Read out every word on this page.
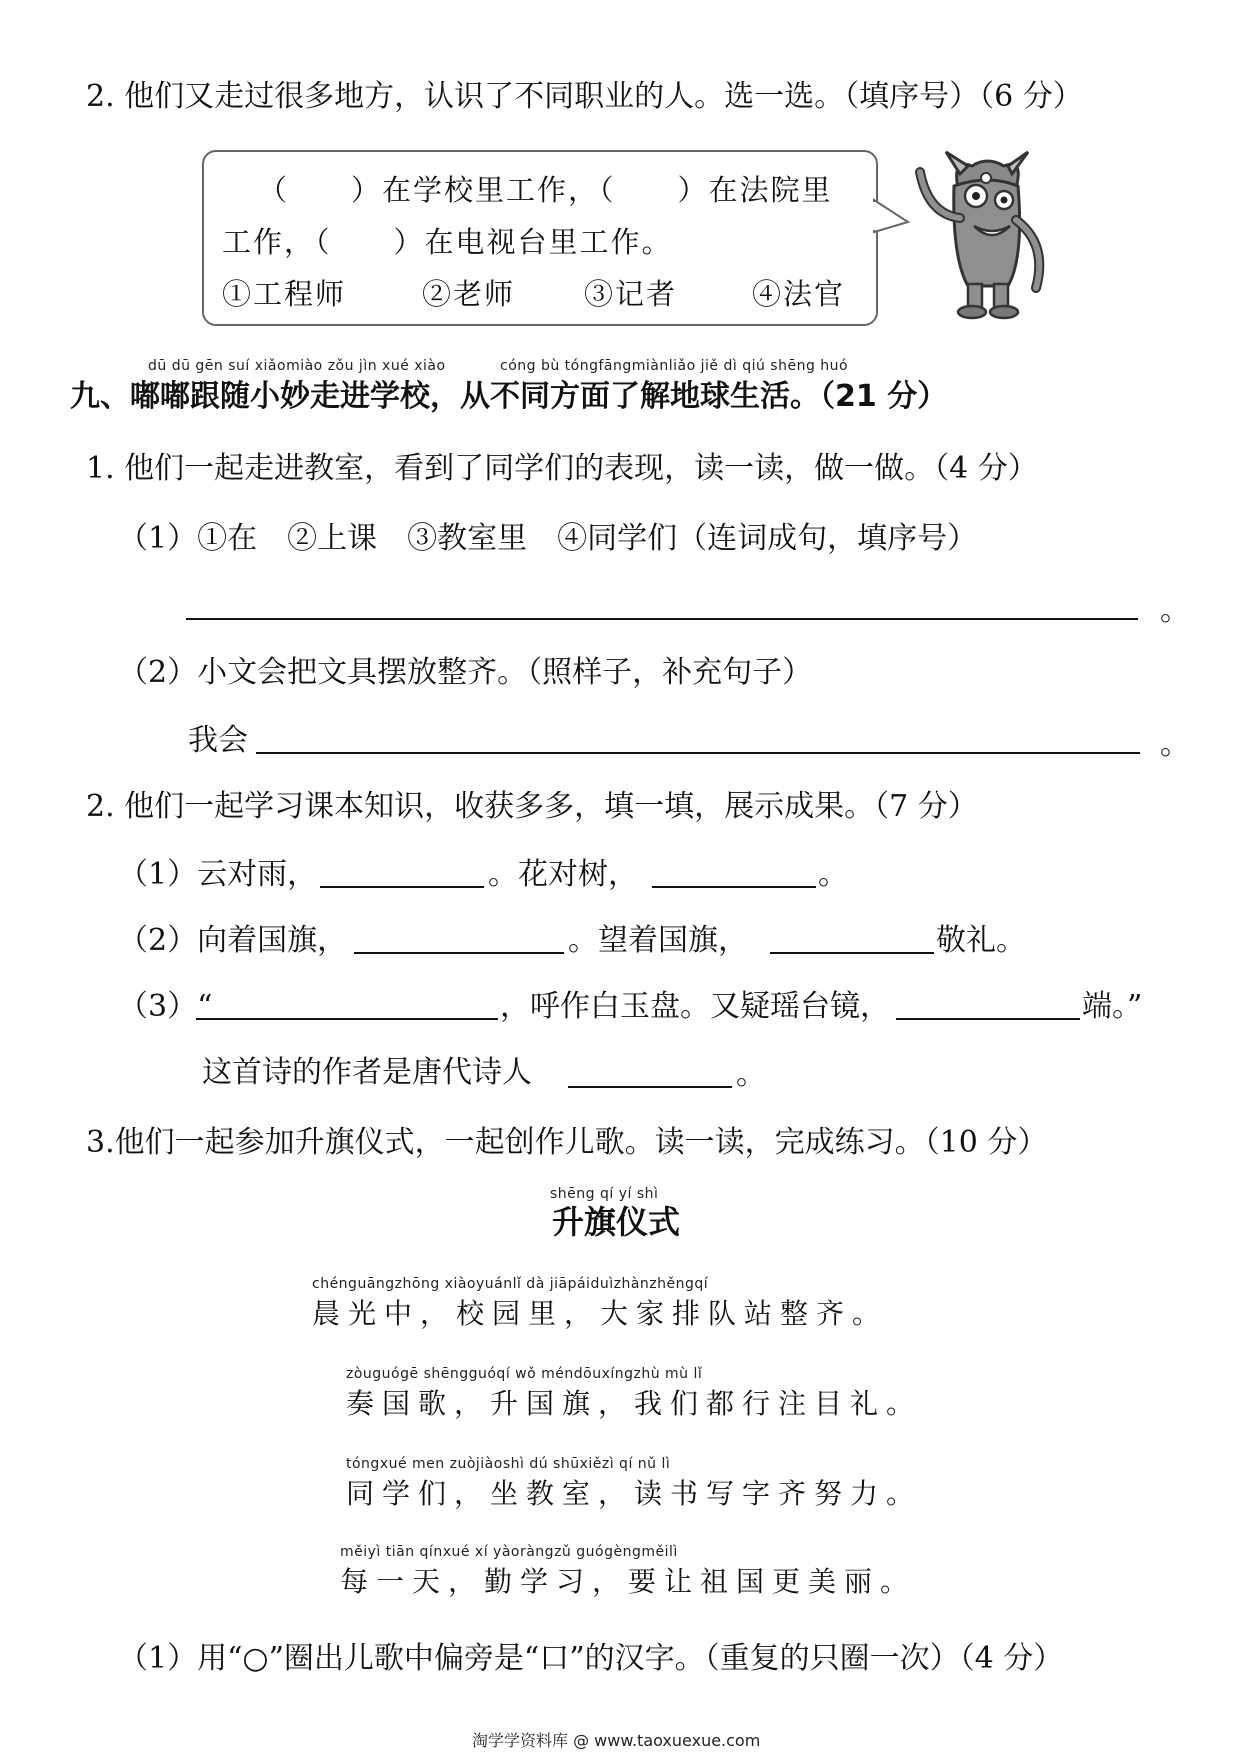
2. 他们又走过很多地方，认识了不同职业的人。选一选。（填序号）（6 分）
（　　）在学校里工作，（　　）在法院里
工作，（　　）在电视台里工作。
①工程师	②老师 ③记者	④法官
dū dū gēn suí xiǎomiào zǒu jìn xué xiào	cóng bù tóngfāngmiànliǎo jiě dì qiú shēng huó
九、嘟嘟跟随小妙走进学校，从不同方面了解地球生活。（21 分）
1. 他们一起走进教室，看到了同学们的表现，读一读，做一做。（4 分）
（1）①在　②上课　③教室里　④同学们（连词成句，填序号）
。
（2）小文会把文具摆放整齐。（照样子，补充句子）
我会	。
2. 他们一起学习课本知识，收获多多，填一填，展示成果。（7 分）
（1）云对雨，	。花对树，	。
（2）向着国旗，	。望着国旗，	敬礼。
（3）“	，呼作白玉盘。又疑瑶台镜，	端。”
这首诗的作者是唐代诗人	。
3.他们一起参加升旗仪式，一起创作儿歌。读一读，完成练习。（10 分）
shēng qí yí shì
升旗仪式
chénguāngzhōng xiàoyuánlǐ dà jiāpáiduìzhànzhěngqí
晨光中，校园里，大家排队站整齐。
zòuguógē shēngguóqí wǒ méndōuxíngzhù mù lǐ
奏国歌，升国旗，我们都行注目礼。
tóngxué men zuòjiàoshì dú shūxiězì qí nǔ lì
同学们，坐教室，读书写字齐努力。
měiyì tiān qínxué xí yàoràngzǔ guógèngměilì
每一天，勤学习，要让祖国更美丽。
（1）用“○”圈出儿歌中偏旁是“口”的汉字。（重复的只圈一次）（4 分）
淘学学资料库 @ www.taoxuexue.com
